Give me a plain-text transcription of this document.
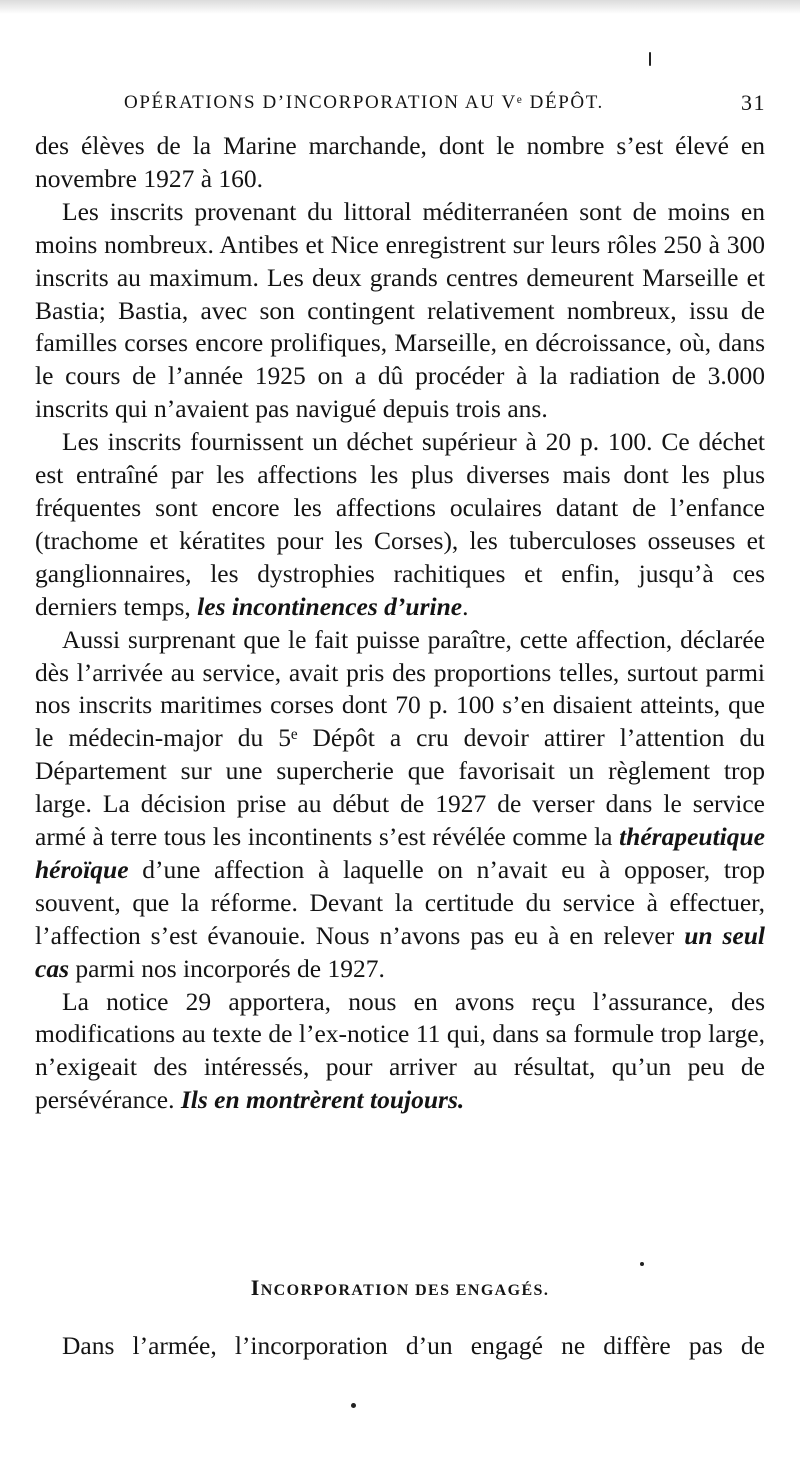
OPÉRATIONS D’INCORPORATION AU Vᵉ DÉPÔT.	31

des élèves de la Marine marchande, dont le nombre s’est élevé en novembre 1927 à 160.

Les inscrits provenant du littoral méditerranéen sont de moins en moins nombreux. Antibes et Nice enregistrent sur leurs rôles 250 à 300 inscrits au maximum. Les deux grands centres demeurent Marseille et Bastia; Bastia, avec son contingent relativement nombreux, issu de familles corses encore prolifiques, Marseille, en décroissance, où, dans le cours de l’année 1925 on a dû procéder à la radiation de 3.000 inscrits qui n’avaient pas navigué depuis trois ans.

Les inscrits fournissent un déchet supérieur à 20 p. 100. Ce déchet est entraîné par les affections les plus diverses mais dont les plus fréquentes sont encore les affections oculaires datant de l’enfance (trachome et kératites pour les Corses), les tuberculoses osseuses et ganglionnaires, les dystrophies rachitiques et enfin, jusqu’à ces derniers temps, les incontinences d’urine.

Aussi surprenant que le fait puisse paraître, cette affection, déclarée dès l’arrivée au service, avait pris des proportions telles, surtout parmi nos inscrits maritimes corses dont 70 p. 100 s’en disaient atteints, que le médecin-major du 5ᵉ Dépôt a cru devoir attirer l’attention du Département sur une supercherie que favorisait un règlement trop large. La décision prise au début de 1927 de verser dans le service armé à terre tous les incontinents s’est révélée comme la thérapeutique héroïque d’une affection à laquelle on n’avait eu à opposer, trop souvent, que la réforme. Devant la certitude du service à effectuer, l’affection s’est évanouie. Nous n’avons pas eu à en relever un seul cas parmi nos incorporés de 1927.

La notice 29 apportera, nous en avons reçu l’assurance, des modifications au texte de l’ex-notice 11 qui, dans sa formule trop large, n’exigeait des intéressés, pour arriver au résultat, qu’un peu de persévérance. Ils en montrèrent toujours.

INCORPORATION DES ENGAGÉS.
Dans l’armée, l’incorporation d’un engagé ne diffère pas de
